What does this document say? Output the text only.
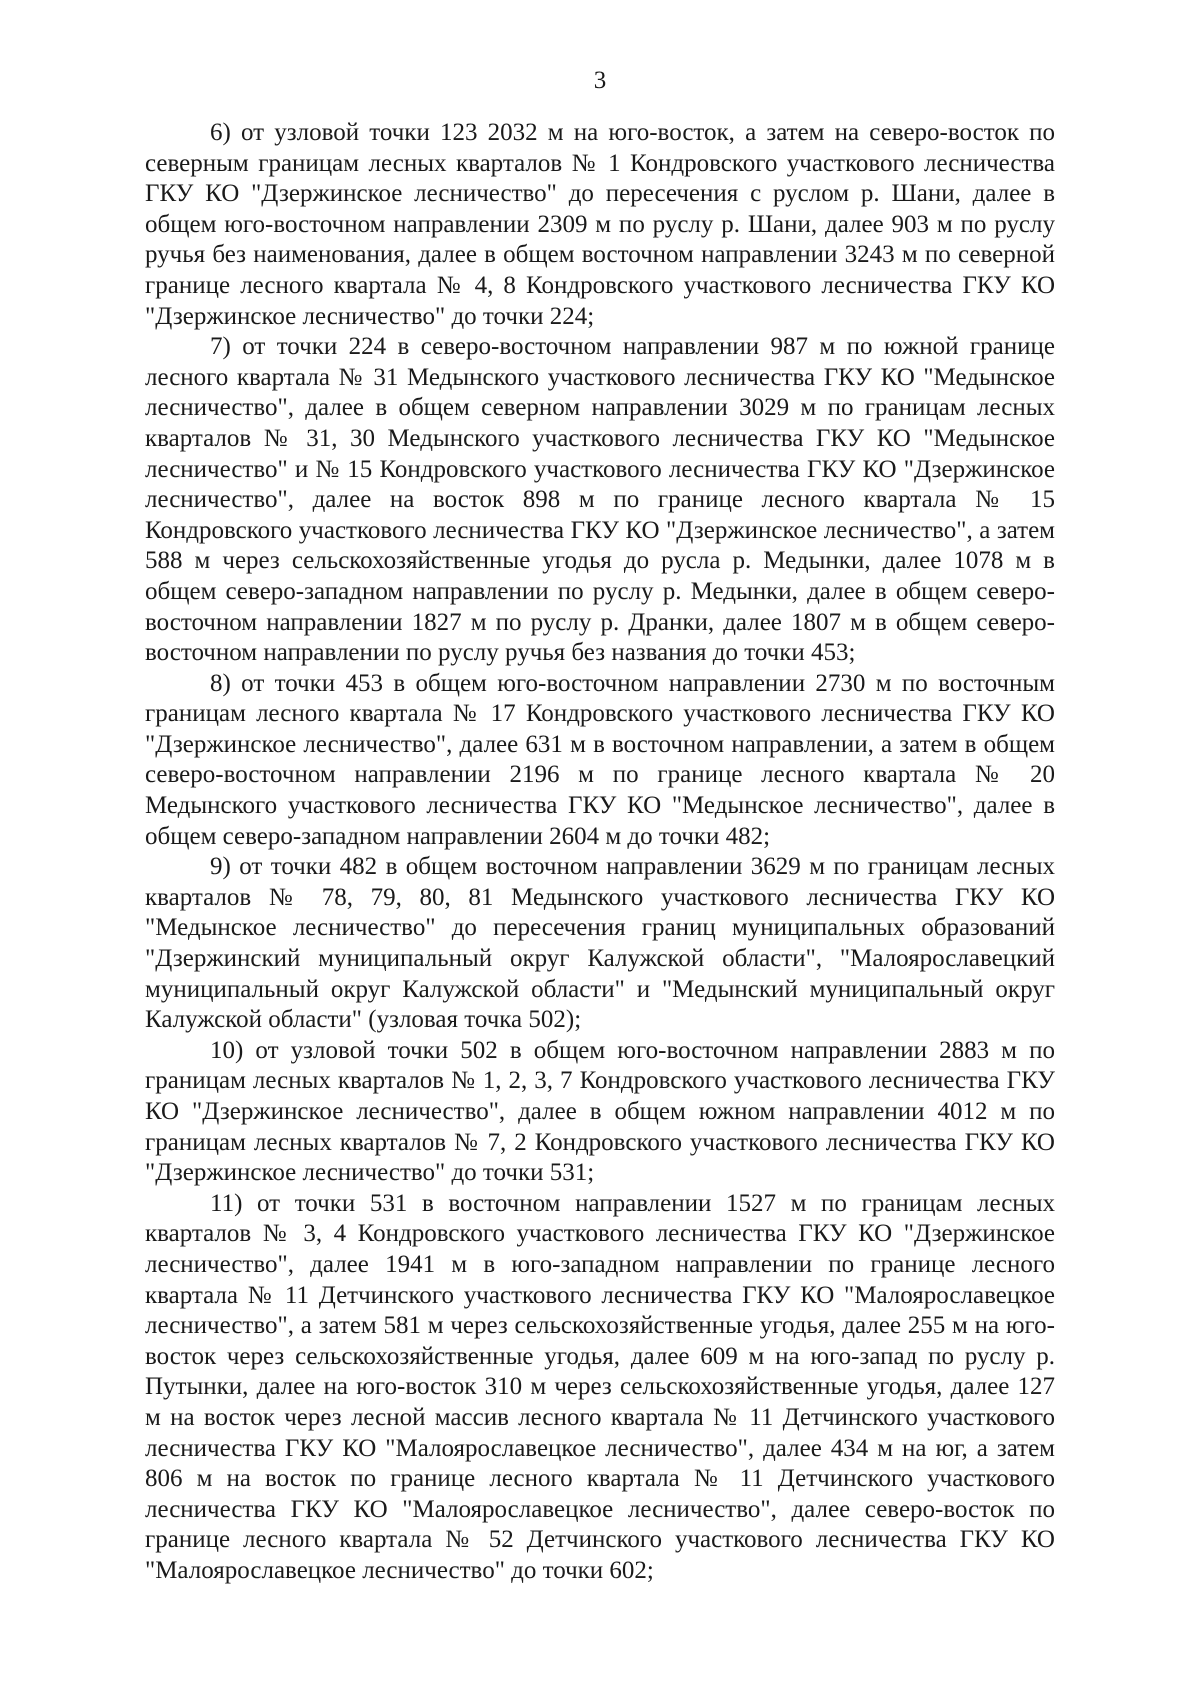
3

6) от узловой точки 123 2032 м на юго-восток, а затем на северо-восток по северным границам лесных кварталов № 1 Кондровского участкового лесничества ГКУ КО "Дзержинское лесничество" до пересечения с руслом р. Шани, далее в общем юго-восточном направлении 2309 м по руслу р. Шани, далее 903 м по руслу ручья без наименования, далее в общем восточном направлении 3243 м по северной границе лесного квартала № 4, 8 Кондровского участкового лесничества ГКУ КО "Дзержинское лесничество" до точки 224;

7) от точки 224 в северо-восточном направлении 987 м по южной границе лесного квартала № 31 Медынского участкового лесничества ГКУ КО "Медынское лесничество", далее в общем северном направлении 3029 м по границам лесных кварталов № 31, 30 Медынского участкового лесничества ГКУ КО "Медынское лесничество" и № 15 Кондровского участкового лесничества ГКУ КО "Дзержинское лесничество", далее на восток 898 м по границе лесного квартала № 15 Кондровского участкового лесничества ГКУ КО "Дзержинское лесничество", а затем 588 м через сельскохозяйственные угодья до русла р. Медынки, далее 1078 м в общем северо-западном направлении по руслу р. Медынки, далее в общем северо-восточном направлении 1827 м по руслу р. Дранки, далее 1807 м в общем северо-восточном направлении по руслу ручья без названия до точки 453;

8) от точки 453 в общем юго-восточном направлении 2730 м по восточным границам лесного квартала № 17 Кондровского участкового лесничества ГКУ КО "Дзержинское лесничество", далее 631 м в восточном направлении, а затем в общем северо-восточном направлении 2196 м по границе лесного квартала № 20 Медынского участкового лесничества ГКУ КО "Медынское лесничество", далее в общем северо-западном направлении 2604 м до точки 482;

9) от точки 482 в общем восточном направлении 3629 м по границам лесных кварталов № 78, 79, 80, 81 Медынского участкового лесничества ГКУ КО "Медынское лесничество" до пересечения границ муниципальных образований "Дзержинский муниципальный округ Калужской области", "Малоярославецкий муниципальный округ Калужской области" и "Медынский муниципальный округ Калужской области" (узловая точка 502);

10) от узловой точки 502 в общем юго-восточном направлении 2883 м по границам лесных кварталов № 1, 2, 3, 7 Кондровского участкового лесничества ГКУ КО "Дзержинское лесничество", далее в общем южном направлении 4012 м по границам лесных кварталов № 7, 2 Кондровского участкового лесничества ГКУ КО "Дзержинское лесничество" до точки 531;

11) от точки 531 в восточном направлении 1527 м по границам лесных кварталов № 3, 4 Кондровского участкового лесничества ГКУ КО "Дзержинское лесничество", далее 1941 м в юго-западном направлении по границе лесного квартала № 11 Детчинского участкового лесничества ГКУ КО "Малоярославецкое лесничество", а затем 581 м через сельскохозяйственные угодья, далее 255 м на юго-восток через сельскохозяйственные угодья, далее 609 м на юго-запад по руслу р. Путынки, далее на юго-восток 310 м через сельскохозяйственные угодья, далее 127 м на восток через лесной массив лесного квартала № 11 Детчинского участкового лесничества ГКУ КО "Малоярославецкое лесничество", далее 434 м на юг, а затем 806 м на восток по границе лесного квартала № 11 Детчинского участкового лесничества ГКУ КО "Малоярославецкое лесничество", далее северо-восток по границе лесного квартала № 52 Детчинского участкового лесничества ГКУ КО "Малоярославецкое лесничество" до точки 602;
